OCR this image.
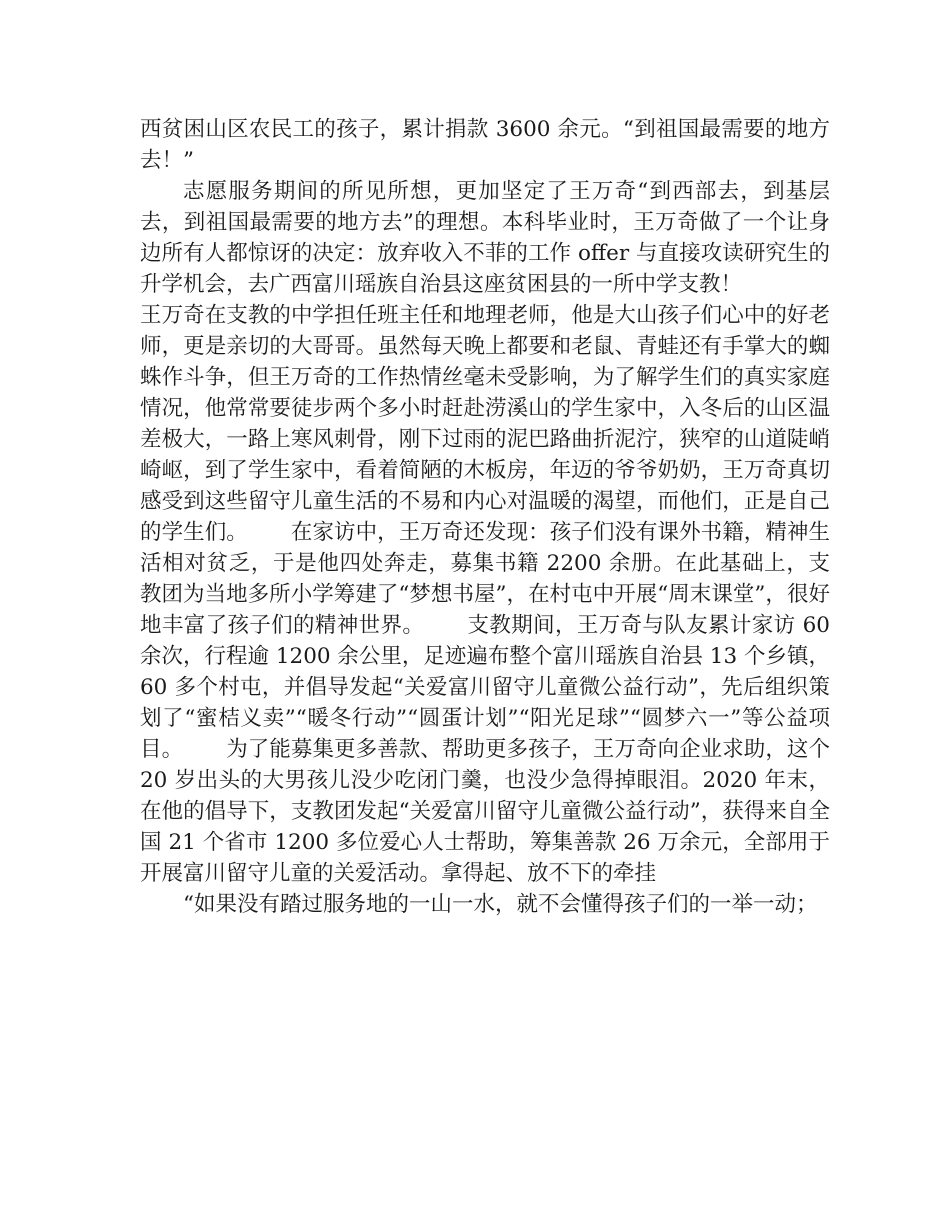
西贫困山区农民工的孩子，累计捐款 3600 余元。“到祖国最需要的地方去！”

志愿服务期间的所见所想，更加坚定了王万奇“到西部去，到基层去，到祖国最需要的地方去”的理想。本科毕业时，王万奇做了一个让身边所有人都惊讶的决定：放弃收入不菲的工作 offer 与直接攻读研究生的升学机会，去广西富川瑶族自治县这座贫困县的一所中学支教！

王万奇在支教的中学担任班主任和地理老师，他是大山孩子们心中的好老师，更是亲切的大哥哥。虽然每天晚上都要和老鼠、青蛙还有手掌大的蜘蛛作斗争，但王万奇的工作热情丝毫未受影响，为了解学生们的真实家庭情况，他常常要徒步两个多小时赶赴涝溪山的学生家中，入冬后的山区温差极大，一路上寒风刺骨，刚下过雨的泥巴路曲折泥泞，狭窄的山道陡峭崎岖，到了学生家中，看着简陋的木板房，年迈的爷爷奶奶，王万奇真切感受到这些留守儿童生活的不易和内心对温暖的渴望，而他们，正是自己的学生们。 在家访中，王万奇还发现：孩子们没有课外书籍，精神生活相对贫乏，于是他四处奔走，募集书籍 2200 余册。在此基础上，支教团为当地多所小学筹建了“梦想书屋”，在村屯中开展“周末课堂”，很好地丰富了孩子们的精神世界。 支教期间，王万奇与队友累计家访 60 余次，行程逾 1200 余公里，足迹遍布整个富川瑶族自治县 13 个乡镇，60 多个村屯，并倡导发起“关爱富川留守儿童微公益行动”，先后组织策划了“蜜桔义卖”“暖冬行动”“圆蛋计划”“阳光足球”“圆梦六一”等公益项目。 为了能募集更多善款、帮助更多孩子，王万奇向企业求助，这个 20 岁出头的大男孩儿没少吃闭门羹，也没少急得掉眼泪。2020 年末，在他的倡导下，支教团发起“关爱富川留守儿童微公益行动”，获得来自全国 21 个省市 1200 多位爱心人士帮助，筹集善款 26 万余元，全部用于开展富川留守儿童的关爱活动。拿得起、放不下的牵挂

“如果没有踏过服务地的一山一水，就不会懂得孩子们的一举一动；
